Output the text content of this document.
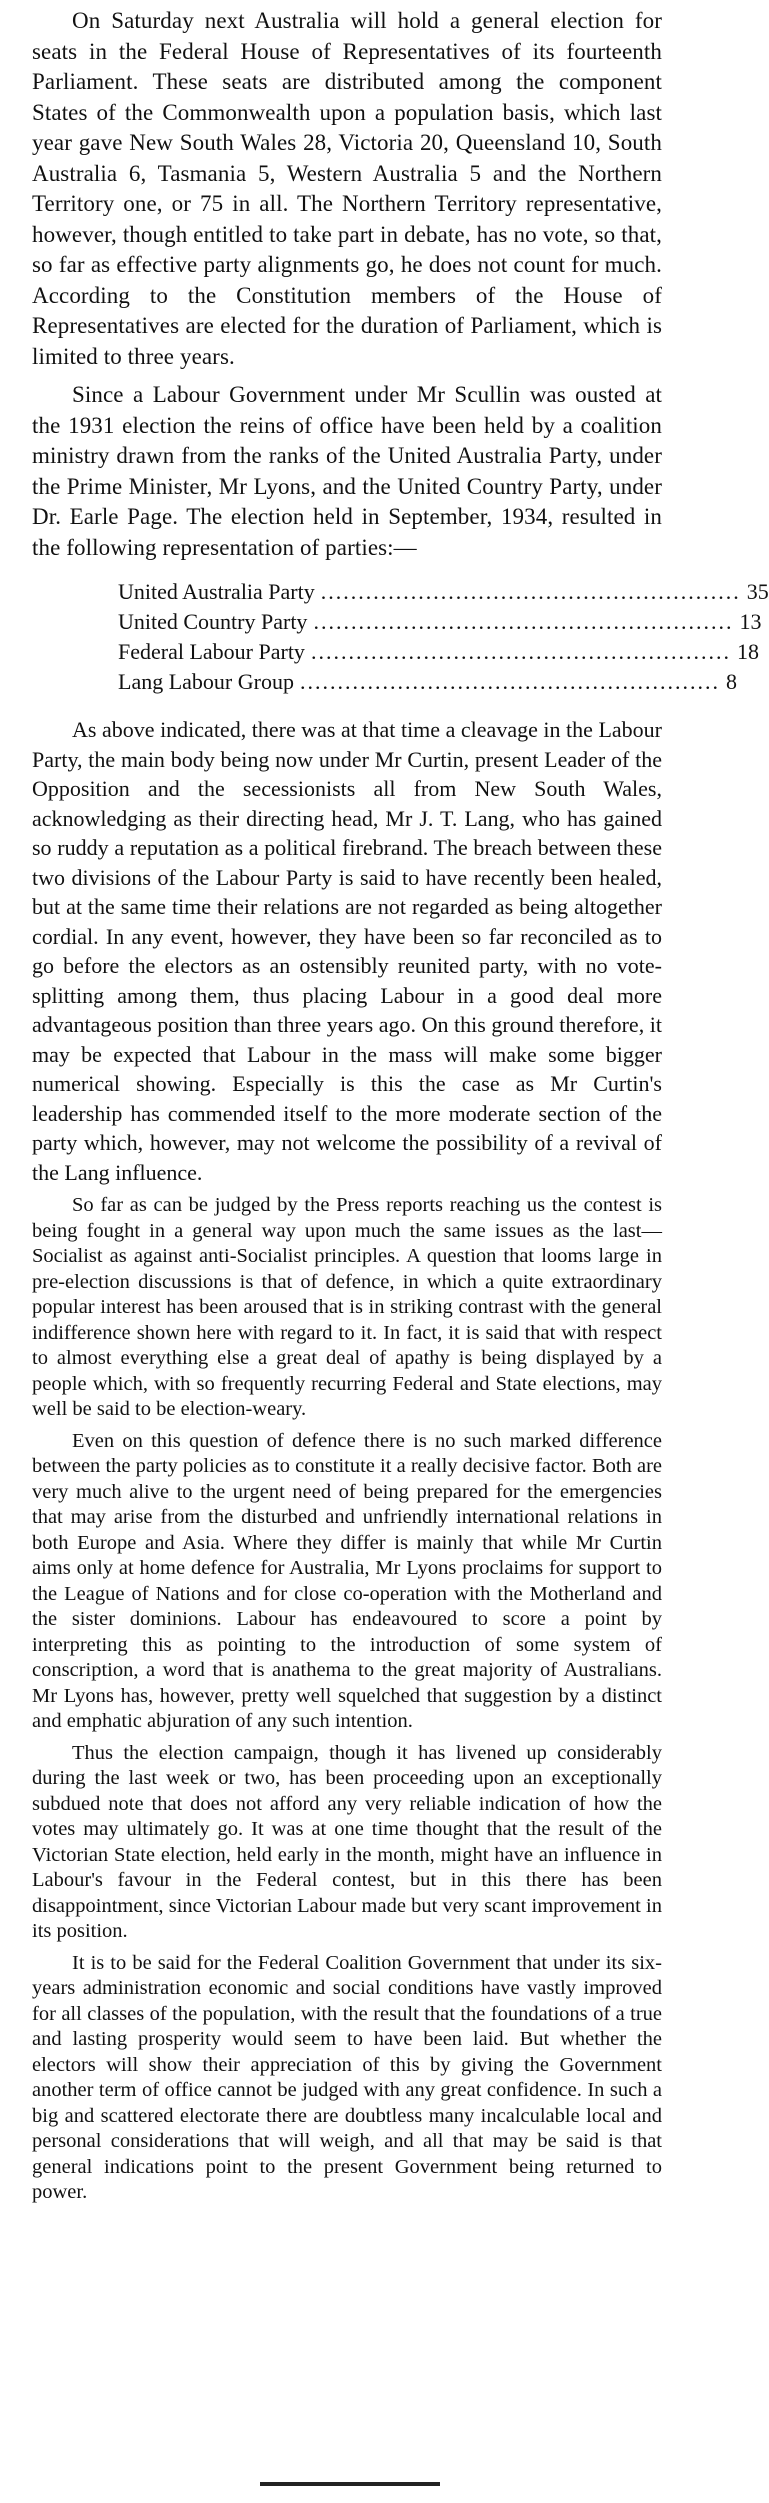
On Saturday next Australia will hold a general election for seats in the Federal House of Representatives of its fourteenth Parliament. These seats are distributed among the component States of the Commonwealth upon a population basis, which last year gave New South Wales 28, Victoria 20, Queensland 10, South Australia 6, Tasmania 5, Western Australia 5 and the Northern Territory one, or 75 in all. The Northern Territory representative, however, though entitled to take part in debate, has no vote, so that, so far as effective party alignments go, he does not count for much. According to the Constitution members of the House of Representatives are elected for the duration of Parliament, which is limited to three years.

Since a Labour Government under Mr Scullin was ousted at the 1931 election the reins of office have been held by a coalition ministry drawn from the ranks of the United Australia Party, under the Prime Minister, Mr Lyons, and the United Country Party, under Dr. Earle Page. The election held in September, 1934, resulted in the following representation of parties:—

United Australia Party ........................................................ 35
United Country Party ........................................................ 13
Federal Labour Party ........................................................ 18
Lang Labour Group ........................................................ 8

As above indicated, there was at that time a cleavage in the Labour Party, the main body being now under Mr Curtin, present Leader of the Opposition and the secessionists all from New South Wales, acknowledging as their directing head, Mr J. T. Lang, who has gained so ruddy a reputation as a political firebrand. The breach between these two divisions of the Labour Party is said to have recently been healed, but at the same time their relations are not regarded as being altogether cordial. In any event, however, they have been so far reconciled as to go before the electors as an ostensibly reunited party, with no vote-splitting among them, thus placing Labour in a good deal more advantageous position than three years ago. On this ground therefore, it may be expected that Labour in the mass will make some bigger numerical showing. Especially is this the case as Mr Curtin's leadership has commended itself to the more moderate section of the party which, however, may not welcome the possibility of a revival of the Lang influence.

So far as can be judged by the Press reports reaching us the contest is being fought in a general way upon much the same issues as the last—Socialist as against anti-Socialist principles. A question that looms large in pre-election discussions is that of defence, in which a quite extraordinary popular interest has been aroused that is in striking contrast with the general indifference shown here with regard to it. In fact, it is said that with respect to almost everything else a great deal of apathy is being displayed by a people which, with so frequently recurring Federal and State elections, may well be said to be election-weary.

Even on this question of defence there is no such marked difference between the party policies as to constitute it a really decisive factor. Both are very much alive to the urgent need of being prepared for the emergencies that may arise from the disturbed and unfriendly international relations in both Europe and Asia. Where they differ is mainly that while Mr Curtin aims only at home defence for Australia, Mr Lyons proclaims for support to the League of Nations and for close co-operation with the Motherland and the sister dominions. Labour has endeavoured to score a point by interpreting this as pointing to the introduction of some system of conscription, a word that is anathema to the great majority of Australians. Mr Lyons has, however, pretty well squelched that suggestion by a distinct and emphatic abjuration of any such intention.

Thus the election campaign, though it has livened up considerably during the last week or two, has been proceeding upon an exceptionally subdued note that does not afford any very reliable indication of how the votes may ultimately go. It was at one time thought that the result of the Victorian State election, held early in the month, might have an influence in Labour's favour in the Federal contest, but in this there has been disappointment, since Victorian Labour made but very scant improvement in its position.

It is to be said for the Federal Coalition Government that under its six-years administration economic and social conditions have vastly improved for all classes of the population, with the result that the foundations of a true and lasting prosperity would seem to have been laid. But whether the electors will show their appreciation of this by giving the Government another term of office cannot be judged with any great confidence. In such a big and scattered electorate there are doubtless many incalculable local and personal considerations that will weigh, and all that may be said is that general indications point to the present Government being returned to power.
